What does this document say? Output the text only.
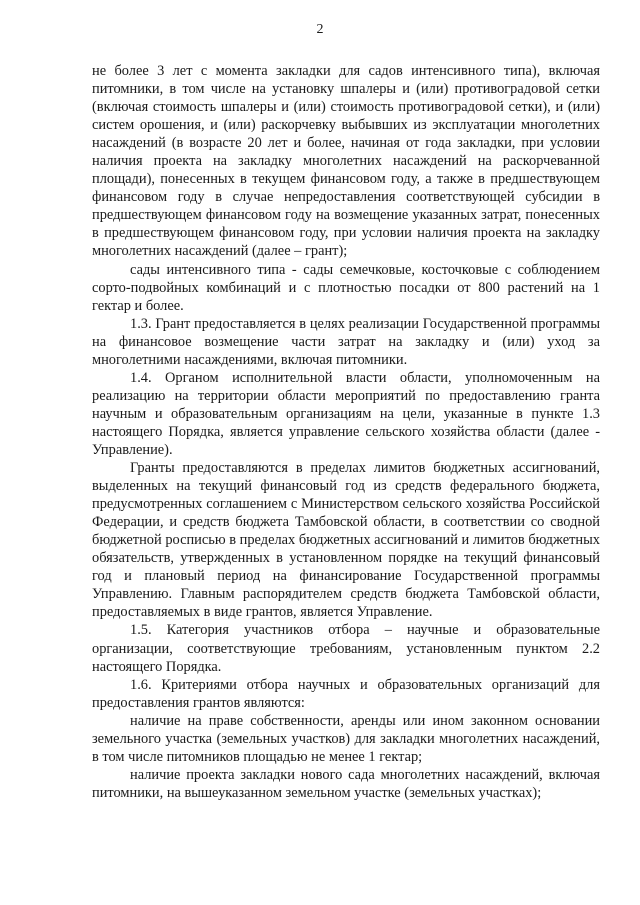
2

не более 3 лет с момента закладки для садов интенсивного типа), включая питомники, в том числе на установку шпалеры и (или) противоградовой сетки (включая стоимость шпалеры и (или) стоимость противоградовой сетки), и (или) систем орошения, и (или) раскорчевку выбывших из эксплуатации многолетних насаждений (в возрасте 20 лет и более, начиная от года закладки, при условии наличия проекта на закладку многолетних насаждений на раскорчеванной площади), понесенных в текущем финансовом году, а также в предшествующем финансовом году в случае непредоставления соответствующей субсидии в предшествующем финансовом году на возмещение указанных затрат, понесенных в предшествующем финансовом году, при условии наличия проекта на закладку многолетних насаждений (далее – грант);

сады интенсивного типа - сады семечковые, косточковые с соблюдением сорто-подвойных комбинаций и с плотностью посадки от 800 растений на 1 гектар и более.

1.3. Грант предоставляется в целях реализации Государственной программы на финансовое возмещение части затрат на закладку и (или) уход за многолетними насаждениями, включая питомники.

1.4. Органом исполнительной власти области, уполномоченным на реализацию на территории области мероприятий по предоставлению гранта научным и образовательным организациям на цели, указанные в пункте 1.3 настоящего Порядка, является управление сельского хозяйства области (далее - Управление).

Гранты предоставляются в пределах лимитов бюджетных ассигнований, выделенных на текущий финансовый год из средств федерального бюджета, предусмотренных соглашением с Министерством сельского хозяйства Российской Федерации, и средств бюджета Тамбовской области, в соответствии со сводной бюджетной росписью в пределах бюджетных ассигнований и лимитов бюджетных обязательств, утвержденных в установленном порядке на текущий финансовый год и плановый период на финансирование Государственной программы Управлению. Главным распорядителем средств бюджета Тамбовской области, предоставляемых в виде грантов, является Управление.

1.5. Категория участников отбора – научные и образовательные организации, соответствующие требованиям, установленным пунктом 2.2 настоящего Порядка.

1.6. Критериями отбора научных и образовательных организаций для предоставления грантов являются:

наличие на праве собственности, аренды или ином законном основании земельного участка (земельных участков) для закладки многолетних насаждений, в том числе питомников площадью не менее 1 гектар;

наличие проекта закладки нового сада многолетних насаждений, включая питомники, на вышеуказанном земельном участке (земельных участках);
